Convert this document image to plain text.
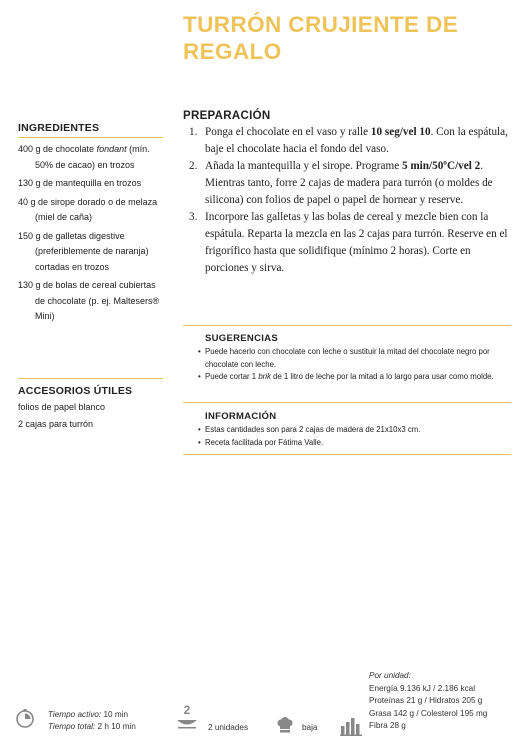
TURRÓN CRUJIENTE DE
REGALO
INGREDIENTES

400 g de chocolate fondant (mín. 50% de cacao) en trozos

130 g de mantequilla en trozos

40 g de sirope dorado o de melaza (miel de caña)

150 g de galletas digestive (preferiblemente de naranja) cortadas en trozos

130 g de bolas de cereal cubiertas de chocolate (p. ej. Maltesers® Mini)

ACCESORIOS ÚTILES
folios de papel blanco
2 cajas para turrón
PREPARACIÓN
1. Ponga el chocolate en el vaso y ralle 10 seg/vel 10. Con la espátula, baje el chocolate hacia el fondo del vaso.
2. Añada la mantequilla y el sirope. Programe 5 min/50ºC/vel 2. Mientras tanto, forre 2 cajas de madera para turrón (o moldes de silicona) con folios de papel o papel de hornear y reserve.
3. Incorpore las galletas y las bolas de cereal y mezcle bien con la espátula. Reparta la mezcla en las 2 cajas para turrón. Reserve en el frigorífico hasta que solidifique (mínimo 2 horas). Corte en porciones y sirva.
SUGERENCIAS

• Puede hacerlo con chocolate con leche o sustituir la mitad del chocolate negro por chocolate con leche.

• Puede cortar 1 brik de 1 litro de leche por la mitad a lo largo para usar como molde.

INFORMACIÓN

• Estas cantidades son para 2 cajas de madera de 21x10x3 cm.

• Receta facilitada por Fátima Valle.

Tiempo activo: 10 min
Tiempo total: 2 h 10 min
2
2 unidades	baja
Por unidad:
Energía 9.136 kJ / 2.186 kcal
Proteínas 21 g / Hidratos 205 g
Grasa 142 g / Colesterol 195 mg
Fibra 28 g
